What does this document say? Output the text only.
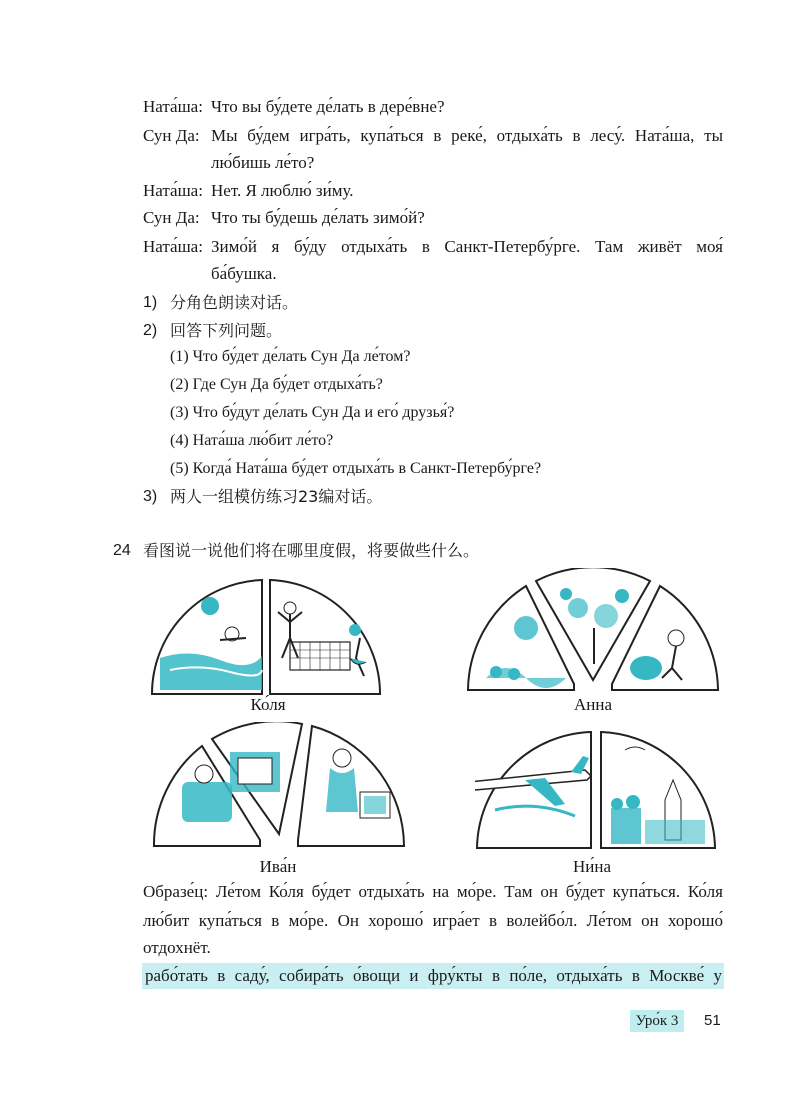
Ната́ша: Что вы бу́дете де́лать в дере́вне?
Сун Да: Мы бу́дем игра́ть, купа́ться в реке́, отдыха́ть в лесу́. Ната́ша, ты
лю́бишь ле́то?
Ната́ша: Нет. Я люблю́ зи́му.
Сун Да: Что ты бу́дешь де́лать зимо́й?
Ната́ша: Зимо́й я бу́ду отдыха́ть в Санкт-Петербу́рге. Там живёт моя́
ба́бушка.
1) 分角色朗读对话。
2) 回答下列问题。
(1) Что бу́дет де́лать Сун Да ле́том?
(2) Где Сун Да бу́дет отдыха́ть?
(3) Что бу́дут де́лать Сун Да и его́ друзья́?
(4) Ната́ша лю́бит ле́то?
(5) Когда́ Ната́ша бу́дет отдыха́ть в Санкт-Петербу́рге?
3) 两人一组模仿练习23编对话。
24 看图说一说他们将在哪里度假，将要做些什么。
Ко́ля	Анна
Ива́н	Ни́на
Образе́ц: Ле́том Ко́ля бу́дет отдыха́ть на мо́ре. Там он бу́дет купа́ться. Ко́ля
лю́бит купа́ться в мо́ре. Он хорошо́ игра́ет в волейбо́л. Ле́том он хорошо́
отдохнёт.
рабо́тать в саду́, собира́ть о́вощи и фру́кты в по́ле, отдыха́ть в Москве́ у
Уро́к 3	51
